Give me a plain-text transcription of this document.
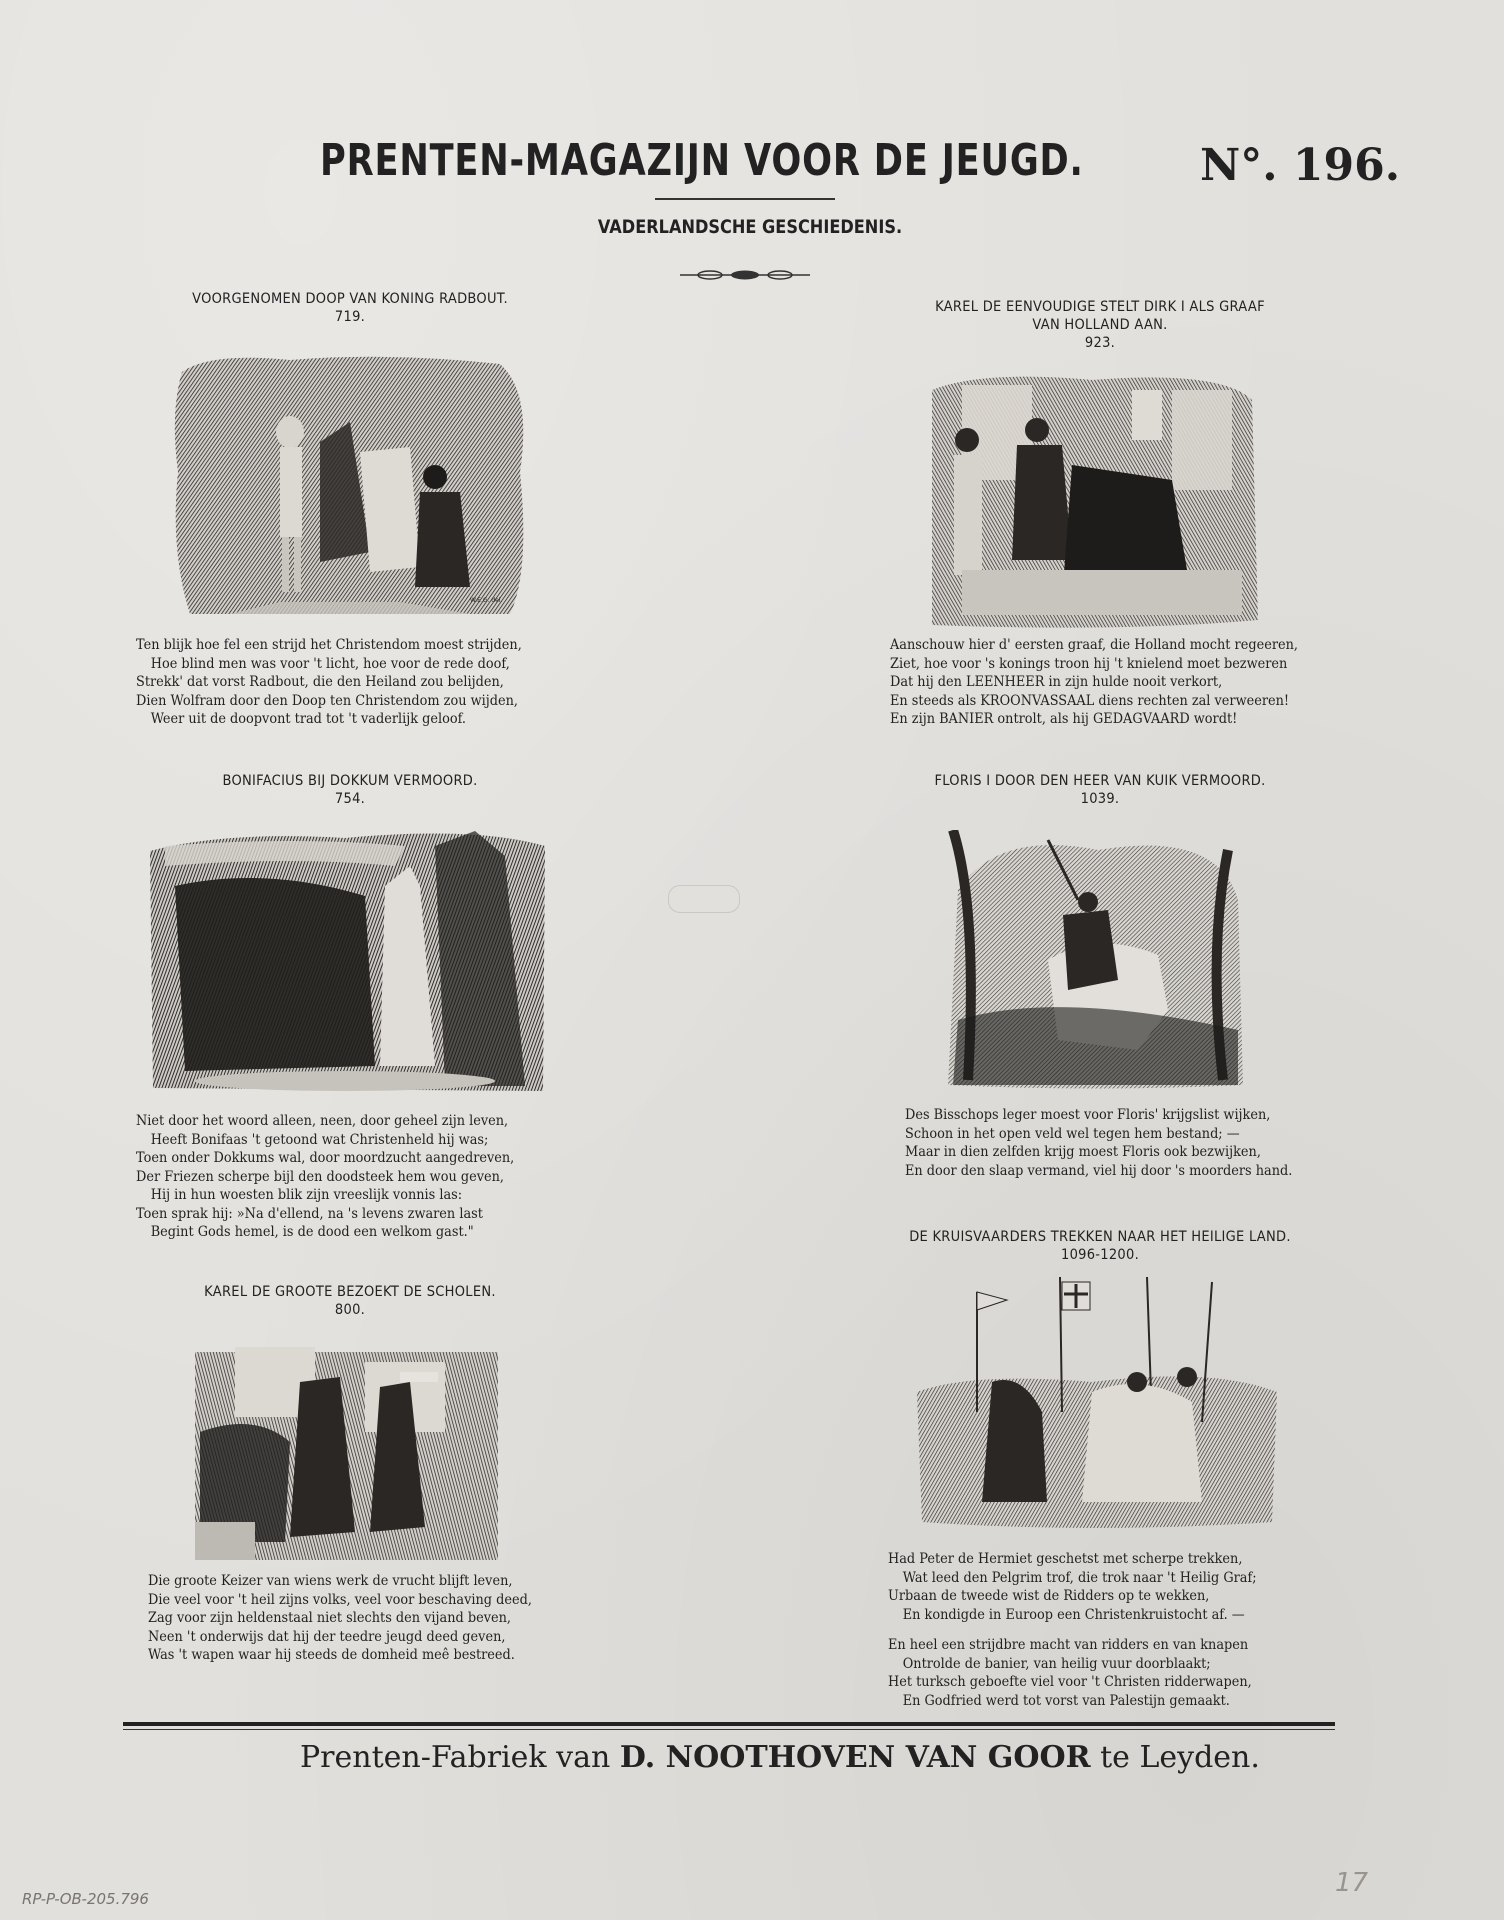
PRENTEN-MAGAZIJN VOOR DE JEUGD.	N°. 196.
VADERLANDSCHE GESCHIEDENIS.
VOORGENOMEN DOOP VAN KONING RADBOUT.
719.
W.E.G. del.
Ten blijk hoe fel een strijd het Christendom moest strijden,
Hoe blind men was voor 't licht, hoe voor de rede doof,
Strekk' dat vorst Radbout, die den Heiland zou belijden,
Dien Wolfram door den Doop ten Christendom zou wijden,
Weer uit de doopvont trad tot 't vaderlijk geloof.
KAREL DE EENVOUDIGE STELT DIRK I ALS GRAAF
VAN HOLLAND AAN.
923.
Aanschouw hier d' eersten graaf, die Holland mocht regeeren,
Ziet, hoe voor 's konings troon hij 't knielend moet bezweren
Dat hij den LEENHEER in zijn hulde nooit verkort,
En steeds als KROONVASSAAL diens rechten zal verweeren!
En zijn BANIER ontrolt, als hij GEDAGVAARD wordt!
BONIFACIUS BIJ DOKKUM VERMOORD.
754.
Niet door het woord alleen, neen, door geheel zijn leven,
Heeft Bonifaas 't getoond wat Christenheld hij was;
Toen onder Dokkums wal, door moordzucht aangedreven,
Der Friezen scherpe bijl den doodsteek hem wou geven,
Hij in hun woesten blik zijn vreeslijk vonnis las:
Toen sprak hij: »Na d'ellend, na 's levens zwaren last
Begint Gods hemel, is de dood een welkom gast."
FLORIS I DOOR DEN HEER VAN KUIK VERMOORD.
1039.
Des Bisschops leger moest voor Floris' krijgslist wijken,
Schoon in het open veld wel tegen hem bestand; —
Maar in dien zelfden krijg moest Floris ook bezwijken,
En door den slaap vermand, viel hij door 's moorders hand.
KAREL DE GROOTE BEZOEKT DE SCHOLEN.
800.
Die groote Keizer van wiens werk de vrucht blijft leven,
Die veel voor 't heil zijns volks, veel voor beschaving deed,
Zag voor zijn heldenstaal niet slechts den vijand beven,
Neen 't onderwijs dat hij der teedre jeugd deed geven,
Was 't wapen waar hij steeds de domheid meê bestreed.
DE KRUISVAARDERS TREKKEN NAAR HET HEILIGE LAND.
1096-1200.
Had Peter de Hermiet geschetst met scherpe trekken,
Wat leed den Pelgrim trof, die trok naar 't Heilig Graf;
Urbaan de tweede wist de Ridders op te wekken,
En kondigde in Euroop een Christenkruistocht af. —
En heel een strijdbre macht van ridders en van knapen
Ontrolde de banier, van heilig vuur doorblaakt;
Het turksch geboefte viel voor 't Christen ridderwapen,
En Godfried werd tot vorst van Palestijn gemaakt.
Prenten-Fabriek van D. NOOTHOVEN VAN GOOR te Leyden.
RP-P-OB-205.796
17
